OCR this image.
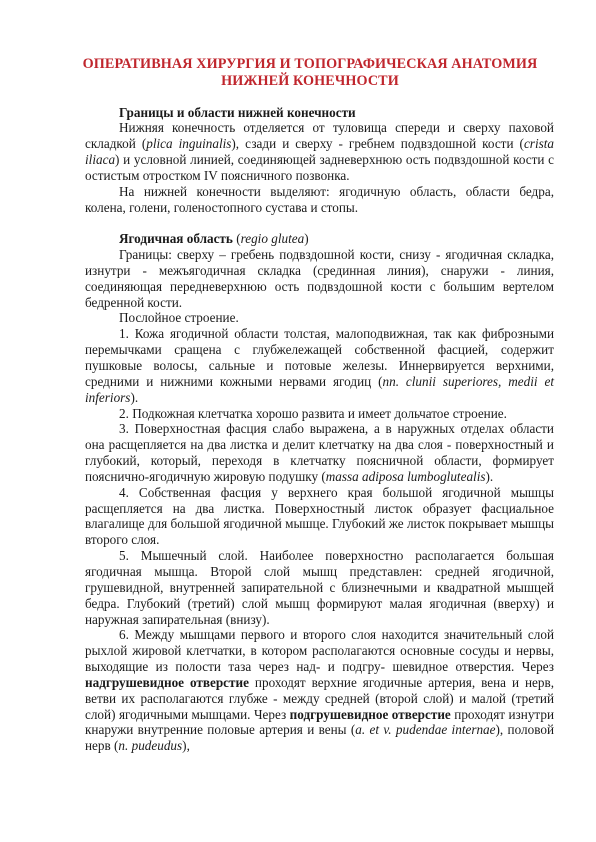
ОПЕРАТИВНАЯ ХИРУРГИЯ И ТОПОГРАФИЧЕСКАЯ АНАТОМИЯ
НИЖНЕЙ КОНЕЧНОСТИ

Границы и области нижней конечности

Нижняя конечность отделяется от туловища спереди и сверху паховой складкой (plica inguinalis), сзади и сверху - гребнем подвздошной кости (crista iliaca) и условной линией, соединяющей задневерхнюю ость подвздошной кости с остистым отростком IV поясничного позвонка.

На нижней конечности выделяют: ягодичную область, области бедра, колена, голени, голеностопного сустава и стопы.

Ягодичная область (regio glutea)

Границы: сверху – гребень подвздошной кости, снизу - ягодичная складка, изнутри - межъягодичная складка (срединная линия), снаружи - линия, соединяющая передневерхнюю ость подвздошной кости с большим вертелом бедренной кости.

Послойное строение.

1. Кожа ягодичной области толстая, малоподвижная, так как фиброзными перемычками сращена с глубжележащей собственной фасцией, содержит пушковые волосы, сальные и потовые железы. Иннервируется верхними, средними и нижними кожными нервами ягодиц (nn. clunii superiores, medii et inferiors).

2. Подкожная клетчатка хорошо развита и имеет дольчатое строение.

3. Поверхностная фасция слабо выражена, а в наружных отделах области она расщепляется на два листка и делит клетчатку на два слоя - поверхностный и глубокий, который, переходя в клетчатку поясничной области, формирует пояснично-ягодичную жировую подушку (massa adiposa lumboglutealis).

4. Собственная фасция у верхнего края большой ягодичной мышцы расщепляется на два листка. Поверхностный листок образует фасциальное влагалище для большой ягодичной мышце. Глубокий же листок покрывает мышцы второго слоя.

5. Мышечный слой. Наиболее поверхностно располагается большая ягодичная мышца. Второй слой мышц представлен: средней ягодичной, грушевидной, внутренней запирательной с близнечными и квадратной мышцей бедра. Глубокий (третий) слой мышц формируют малая ягодичная (вверху) и наружная запирательная (внизу).

6. Между мышцами первого и второго слоя находится значительный слой рыхлой жировой клетчатки, в котором располагаются основные сосуды и нервы, выходящие из полости таза через над- и подгру- шевидное отверстия. Через надгрушевидное отверстие проходят верхние ягодичные артерия, вена и нерв, ветви их располагаются глубже - между средней (второй слой) и малой (третий слой) ягодичными мышцами. Через подгрушевидное отверстие проходят изнутри кнаружи внутренние половые артерия и вены (a. et v. pudendae internae), половой нерв (n. pudeudus),
